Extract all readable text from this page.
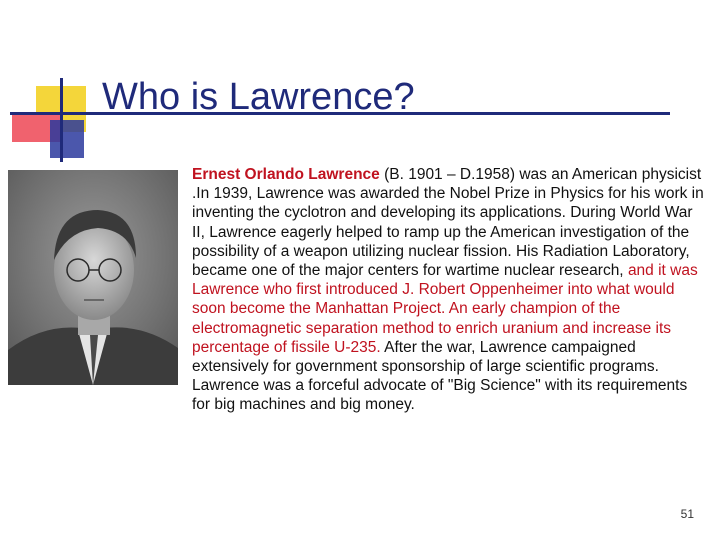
Who is Lawrence?

Ernest Orlando Lawrence (B. 1901 – D.1958) was an American physicist .In 1939, Lawrence was awarded the Nobel Prize in Physics for his work in inventing the cyclotron and developing its applications. During World War II, Lawrence eagerly helped to ramp up the American investigation of the possibility of a weapon utilizing nuclear fission. His Radiation Laboratory, became one of the major centers for wartime nuclear research, and it was Lawrence who first introduced J. Robert Oppenheimer into what would soon become the Manhattan Project. An early champion of the electromagnetic separation method to enrich uranium and increase its percentage of fissile U-235. After the war, Lawrence campaigned extensively for government sponsorship of large scientific programs. Lawrence was a forceful advocate of "Big Science" with its requirements for big machines and big money.

51
